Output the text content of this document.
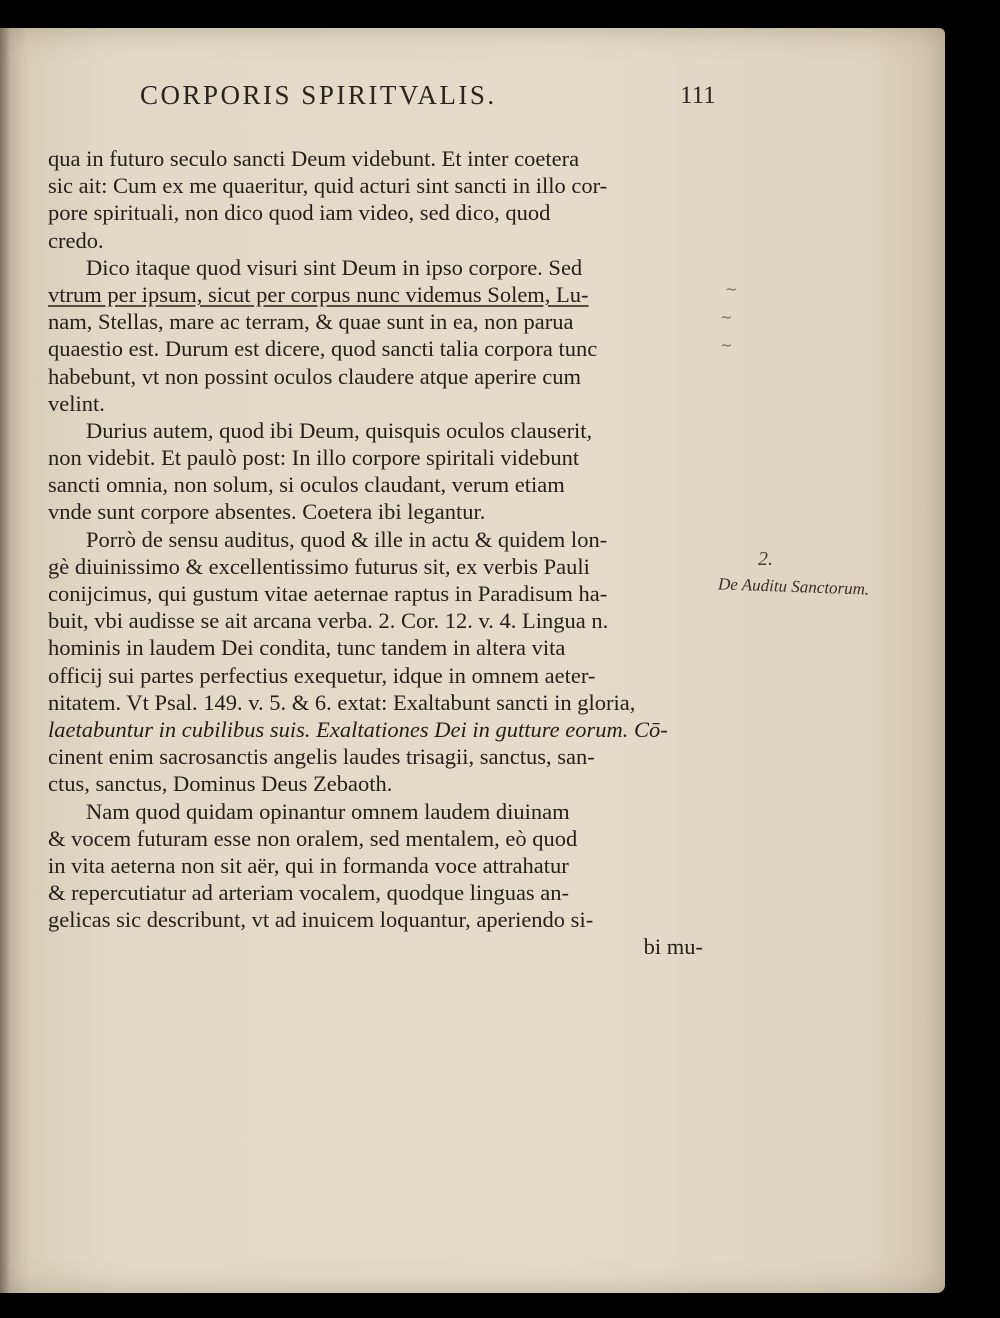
CORPORIS SPIRITVALIS.	111
qua in futuro seculo sancti Deum videbunt. Et inter coetera
sic ait: Cum ex me quaeritur, quid acturi sint sancti in illo cor-
pore spirituali, non dico quod iam video, sed dico, quod
credo.
Dico itaque quod visuri sint Deum in ipso corpore. Sed
vtrum per ipsum, sicut per corpus nunc videmus Solem, Lu-
nam, Stellas, mare ac terram, & quae sunt in ea, non parua
quaestio est. Durum est dicere, quod sancti talia corpora tunc
habebunt, vt non possint oculos claudere atque aperire cum
velint.
Durius autem, quod ibi Deum, quisquis oculos clauserit,
non videbit. Et paulò post: In illo corpore spiritali videbunt
sancti omnia, non solum, si oculos claudant, verum etiam
vnde sunt corpore absentes. Coetera ibi legantur.
Porrò de sensu auditus, quod & ille in actu & quidem lon-
gè diuinissimo & excellentissimo futurus sit, ex verbis Pauli
conijcimus, qui gustum vitae aeternae raptus in Paradisum ha-
buit, vbi audisse se ait arcana verba. 2. Cor. 12. v. 4. Lingua n.
hominis in laudem Dei condita, tunc tandem in altera vita
officij sui partes perfectius exequetur, idque in omnem aeter-
nitatem. Vt Psal. 149. v. 5. & 6. extat: Exaltabunt sancti in gloria,
laetabuntur in cubilibus suis. Exaltationes Dei in gutture eorum. Cō-
cinent enim sacrosanctis angelis laudes trisagii, sanctus, san-
ctus, sanctus, Dominus Deus Zebaoth.
Nam quod quidam opinantur omnem laudem diuinam
& vocem futuram esse non oralem, sed mentalem, eò quod
in vita aeterna non sit aër, qui in formanda voce attrahatur
& repercutiatur ad arteriam vocalem, quodque linguas an-
gelicas sic describunt, vt ad inuicem loquantur, aperiendo si-
bi mu-
~
~
~
2.
De Auditu Sanctorum.
